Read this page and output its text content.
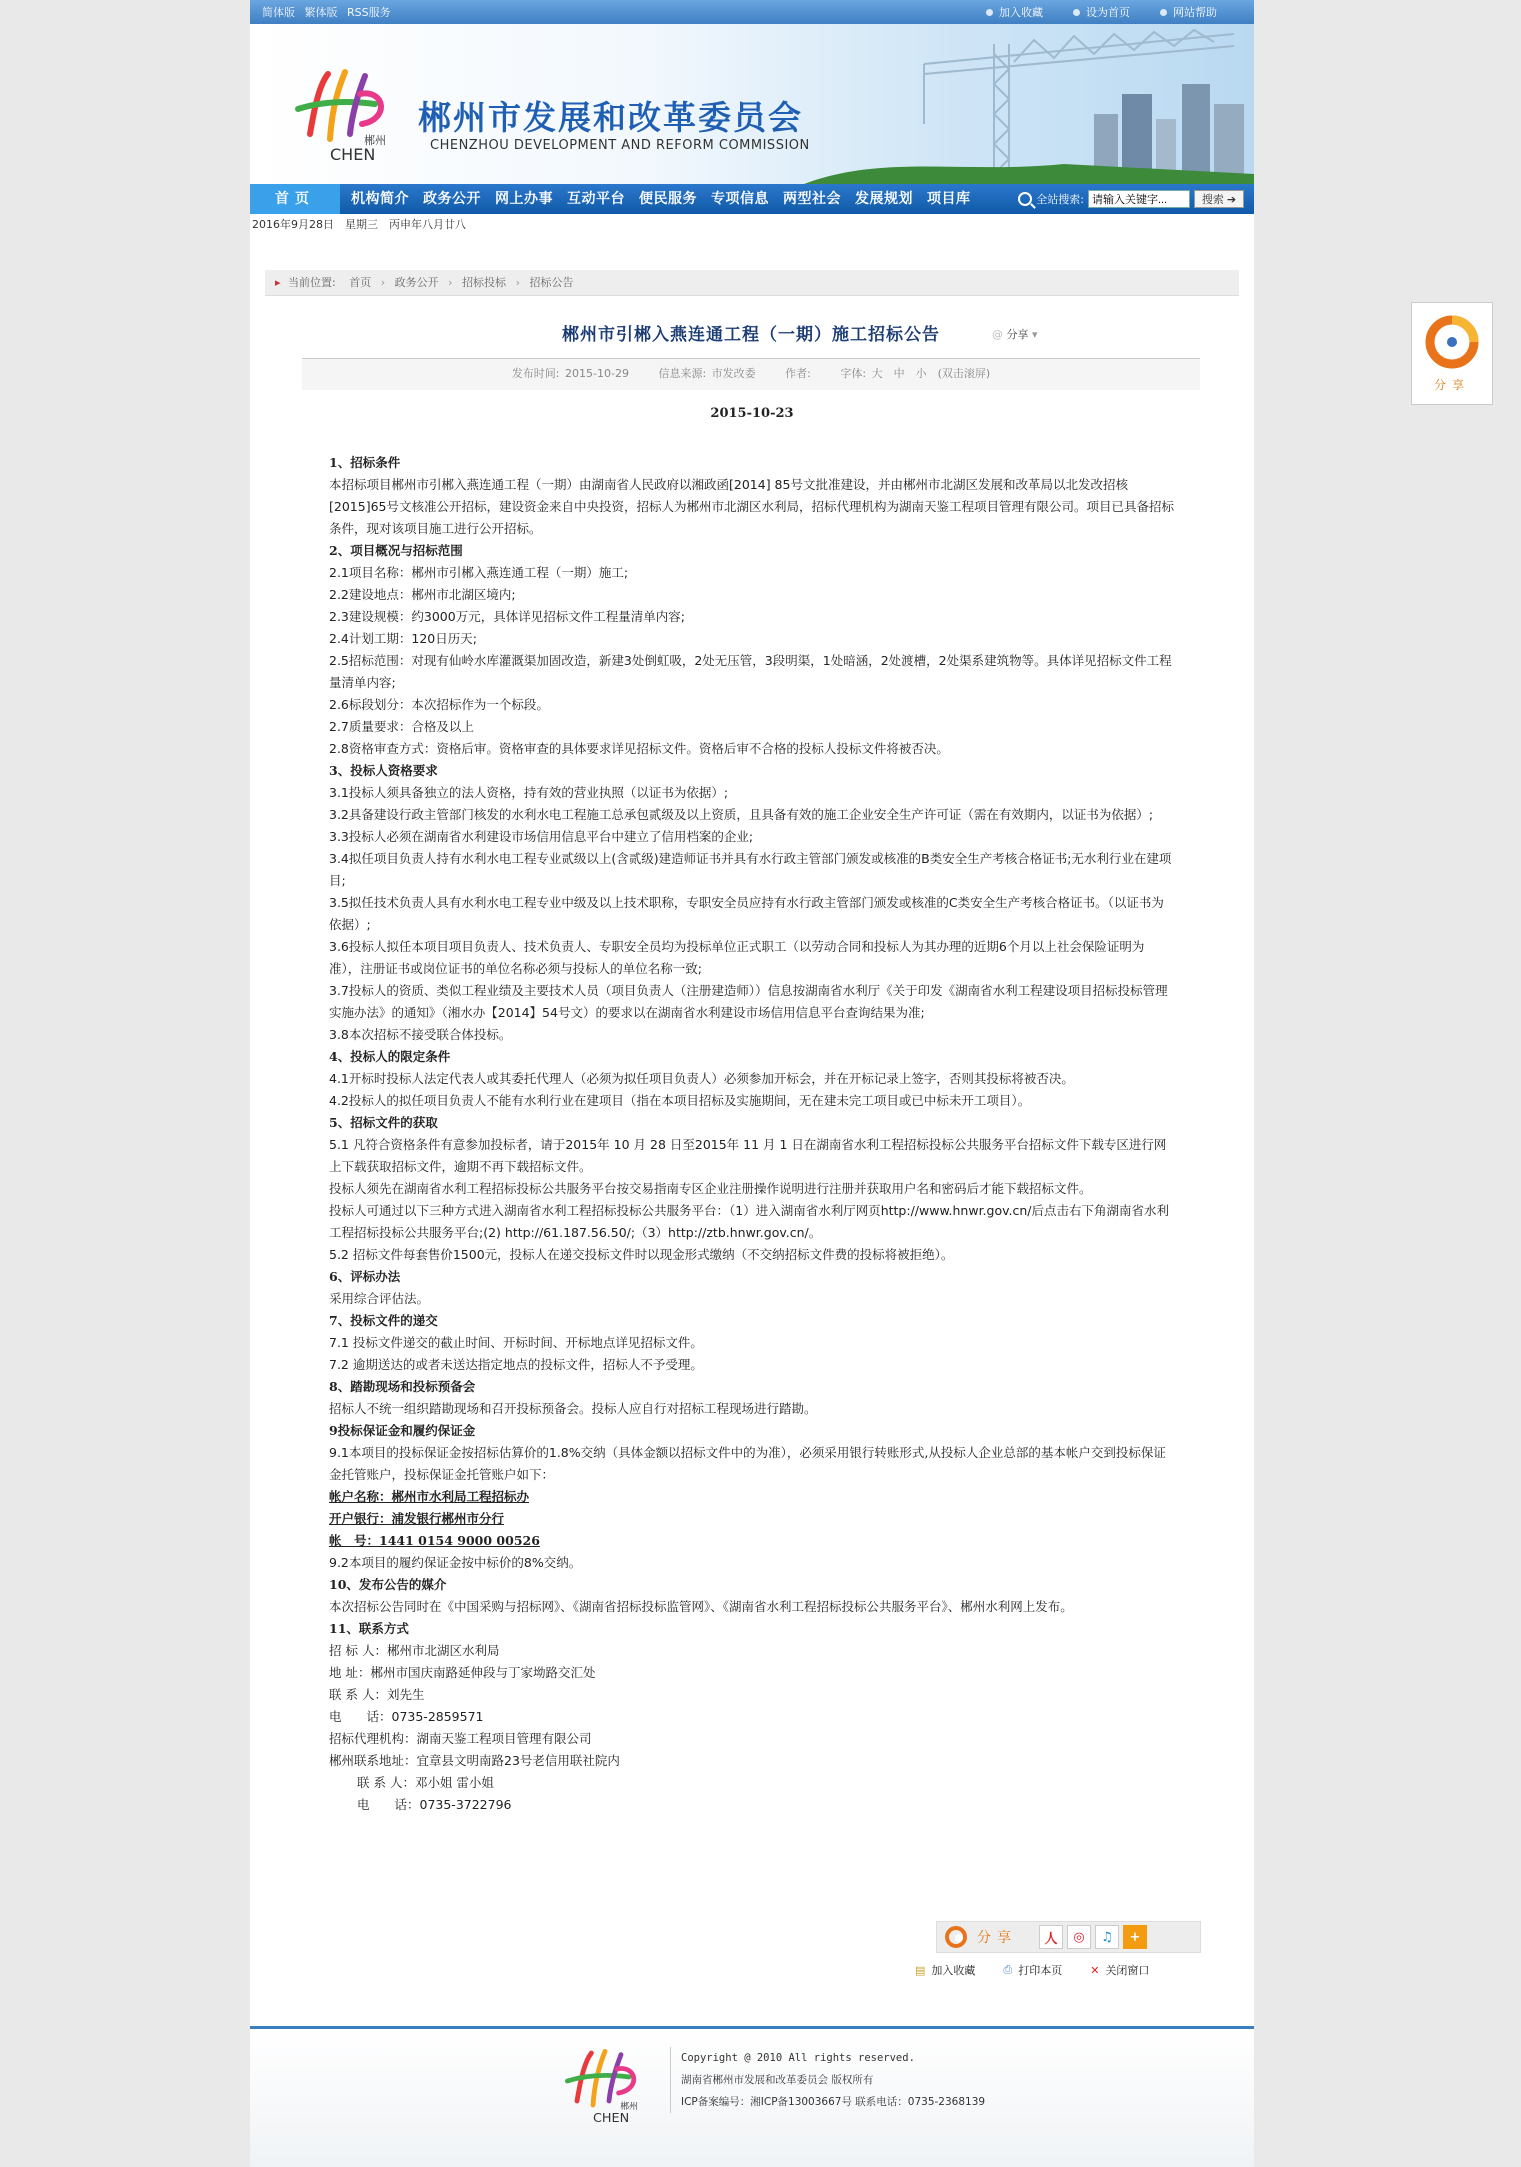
简体版 繁体版 RSS服务	加入收藏	设为首页	网站帮助
郴州
CHEN
郴州市发展和改革委员会
CHENZHOU DEVELOPMENT AND REFORM COMMISSION
首页	机构简介	政务公开	网上办事	互动平台	便民服务	专项信息	两型社会	发展规划	项目库	全站搜索:
请输入关键字...	搜索 ➔
2016年9月28日　星期三　丙申年八月廿八
▸ 当前位置: 首页 › 政务公开 › 招标投标 › 招标公告
郴州市引郴入燕连通工程（一期）施工招标公告	@ 分享 ▾
发布时间: 2015-10-29	信息来源: 市发改委	作者:	字体: 大　中　小　(双击滚屏)
2015-10-23

1、招标条件

本招标项目郴州市引郴入燕连通工程（一期）由湖南省人民政府以湘政函[2014] 85号文批准建设，并由郴州市北湖区发展和改革局以北发改招核[2015]65号文核准公开招标，建设资金来自中央投资，招标人为郴州市北湖区水利局，招标代理机构为湖南天鉴工程项目管理有限公司。项目已具备招标条件，现对该项目施工进行公开招标。

2、项目概况与招标范围

2.1项目名称：郴州市引郴入燕连通工程（一期）施工;

2.2建设地点：郴州市北湖区境内;

2.3建设规模：约3000万元，具体详见招标文件工程量清单内容;

2.4计划工期：120日历天;

2.5招标范围：对现有仙岭水库灌溉渠加固改造，新建3处倒虹吸，2处无压管，3段明渠，1处暗涵，2处渡槽，2处渠系建筑物等。具体详见招标文件工程量清单内容;

2.6标段划分：本次招标作为一个标段。

2.7质量要求：合格及以上

2.8资格审查方式：资格后审。资格审查的具体要求详见招标文件。资格后审不合格的投标人投标文件将被否决。

3、投标人资格要求

3.1投标人须具备独立的法人资格，持有效的营业执照（以证书为依据）;

3.2具备建设行政主管部门核发的水利水电工程施工总承包贰级及以上资质，且具备有效的施工企业安全生产许可证（需在有效期内，以证书为依据）;

3.3投标人必须在湖南省水利建设市场信用信息平台中建立了信用档案的企业;

3.4拟任项目负责人持有水利水电工程专业贰级以上(含贰级)建造师证书并具有水行政主管部门颁发或核准的B类安全生产考核合格证书;无水利行业在建项目;

3.5拟任技术负责人具有水利水电工程专业中级及以上技术职称，专职安全员应持有水行政主管部门颁发或核准的C类安全生产考核合格证书。（以证书为依据）;

3.6投标人拟任本项目项目负责人、技术负责人、专职安全员均为投标单位正式职工（以劳动合同和投标人为其办理的近期6个月以上社会保险证明为准），注册证书或岗位证书的单位名称必须与投标人的单位名称一致;

3.7投标人的资质、类似工程业绩及主要技术人员（项目负责人（注册建造师））信息按湖南省水利厅《关于印发《湖南省水利工程建设项目招标投标管理实施办法》的通知》（湘水办【2014】54号文）的要求以在湖南省水利建设市场信用信息平台查询结果为准;

3.8本次招标不接受联合体投标。

4、投标人的限定条件

4.1开标时投标人法定代表人或其委托代理人（必须为拟任项目负责人）必须参加开标会，并在开标记录上签字，否则其投标将被否决。

4.2投标人的拟任项目负责人不能有水利行业在建项目（指在本项目招标及实施期间，无在建未完工项目或已中标未开工项目）。

5、招标文件的获取

5.1 凡符合资格条件有意参加投标者，请于2015年 10 月 28 日至2015年 11 月 1 日在湖南省水利工程招标投标公共服务平台招标文件下载专区进行网上下载获取招标文件，逾期不再下载招标文件。

投标人须先在湖南省水利工程招标投标公共服务平台按交易指南专区企业注册操作说明进行注册并获取用户名和密码后才能下载招标文件。

投标人可通过以下三种方式进入湖南省水利工程招标投标公共服务平台：（1）进入湖南省水利厅网页http://www.hnwr.gov.cn/后点击右下角湖南省水利工程招标投标公共服务平台;(2) http://61.187.56.50/;（3）http://ztb.hnwr.gov.cn/。

5.2 招标文件每套售价1500元，投标人在递交投标文件时以现金形式缴纳（不交纳招标文件费的投标将被拒绝）。

6、评标办法

采用综合评估法。

7、投标文件的递交

7.1 投标文件递交的截止时间、开标时间、开标地点详见招标文件。

7.2 逾期送达的或者未送达指定地点的投标文件，招标人不予受理。

8、踏勘现场和投标预备会

招标人不统一组织踏勘现场和召开投标预备会。投标人应自行对招标工程现场进行踏勘。

9投标保证金和履约保证金

9.1本项目的投标保证金按招标估算价的1.8%交纳（具体金额以招标文件中的为准），必须采用银行转账形式,从投标人企业总部的基本帐户交到投标保证金托管账户，投标保证金托管账户如下：

帐户名称：郴州市水利局工程招标办

开户银行：浦发银行郴州市分行

帐　号：1441 0154 9000 00526

9.2本项目的履约保证金按中标价的8%交纳。

10、发布公告的媒介

本次招标公告同时在《中国采购与招标网》、《湖南省招标投标监管网》、《湖南省水利工程招标投标公共服务平台》、郴州水利网上发布。

11、联系方式

招 标 人：郴州市北湖区水利局

地 址：郴州市国庆南路延伸段与丁家坳路交汇处

联 系 人：刘先生

电　　话：0735-2859571

招标代理机构：湖南天鉴工程项目管理有限公司

郴州联系地址：宜章县文明南路23号老信用联社院内

联 系 人：邓小姐 雷小姐

电　　话：0735-3722796

分享	人	◎	♫	+
▤ 加入收藏	⎙ 打印本页	✕ 关闭窗口
郴州
CHEN
Copyright @ 2010 All rights reserved.
湖南省郴州市发展和改革委员会 版权所有
ICP备案编号：湘ICP备13003667号 联系电话：0735-2368139
分享
